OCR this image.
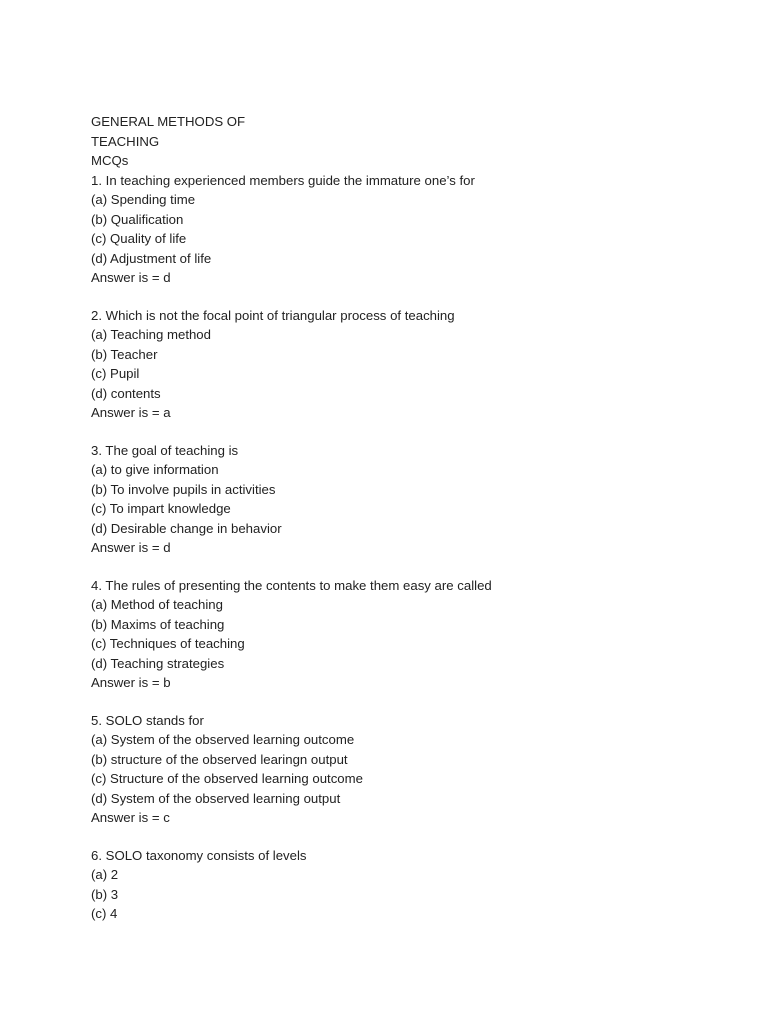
GENERAL METHODS OF
TEACHING
MCQs
1. In teaching experienced members guide the immature one’s for
(a) Spending time
(b) Qualification
(c) Quality of life
(d) Adjustment of life
Answer is = d
2. Which is not the focal point of triangular process of teaching
(a) Teaching method
(b) Teacher
(c) Pupil
(d) contents
Answer is = a
3. The goal of teaching is
(a) to give information
(b) To involve pupils in activities
(c) To impart knowledge
(d) Desirable change in behavior
Answer is = d
4. The rules of presenting the contents to make them easy are called
(a) Method of teaching
(b) Maxims of teaching
(c) Techniques of teaching
(d) Teaching strategies
Answer is = b
5. SOLO stands for
(a) System of the observed learning outcome
(b) structure of the observed learingn output
(c) Structure of the observed learning outcome
(d) System of the observed learning output
Answer is = c
6. SOLO taxonomy consists of levels
(a) 2
(b) 3
(c) 4
